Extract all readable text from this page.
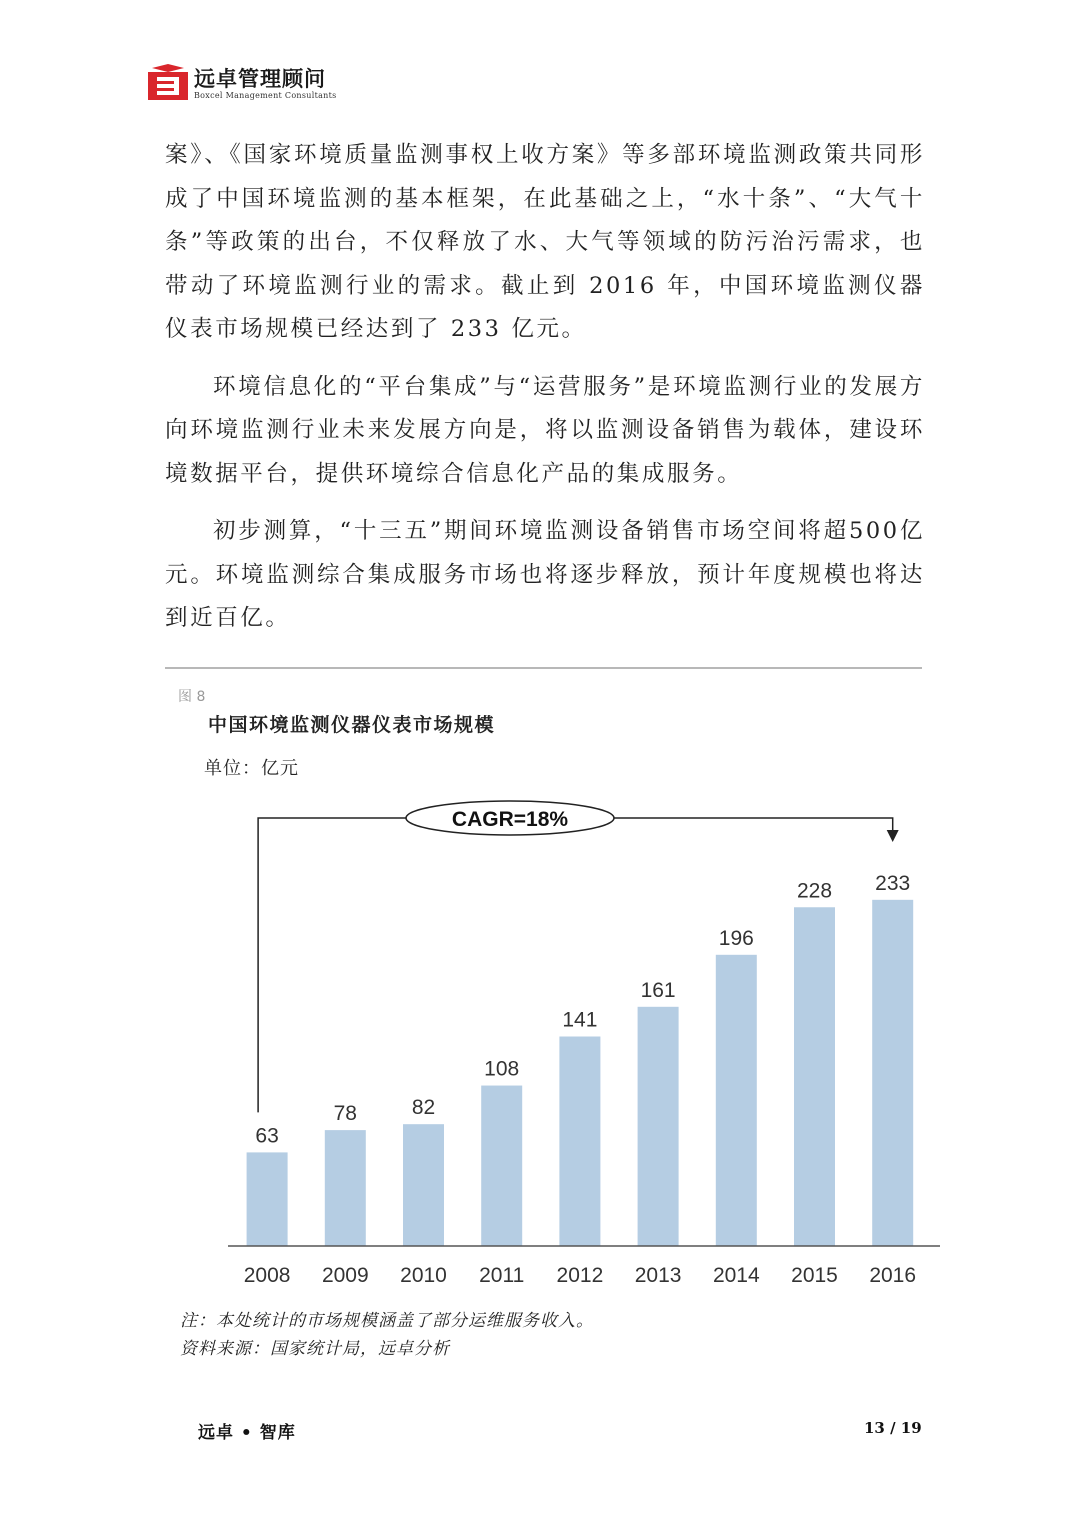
远卓管理顾问
Boxcel Management Consultants

案》、《国家环境质量监测事权上收方案》等多部环境监测政策共同形成了中国环境监测的基本框架，在此基础之上，“水十条”、“大气十条”等政策的出台，不仅释放了水、大气等领域的防污治污需求，也带动了环境监测行业的需求。截止到 2016 年，中国环境监测仪器仪表市场规模已经达到了 233 亿元。

环境信息化的“平台集成”与“运营服务”是环境监测行业的发展方向环境监测行业未来发展方向是，将以监测设备销售为载体，建设环境数据平台，提供环境综合信息化产品的集成服务。

初步测算，“十三五”期间环境监测设备销售市场空间将超500亿元。环境监测综合集成服务市场也将逐步释放，预计年度规模也将达到近百亿。

图 8
中国环境监测仪器仪表市场规模
单位：亿元
63
2008
78
2009
82
2010
108
2011
141
2012
161
2013
196
2014
228
2015
233
2016
CAGR=18%
注：本处统计的市场规模涵盖了部分运维服务收入。
资料来源：国家统计局，远卓分析
远卓 • 智库	13 / 19
